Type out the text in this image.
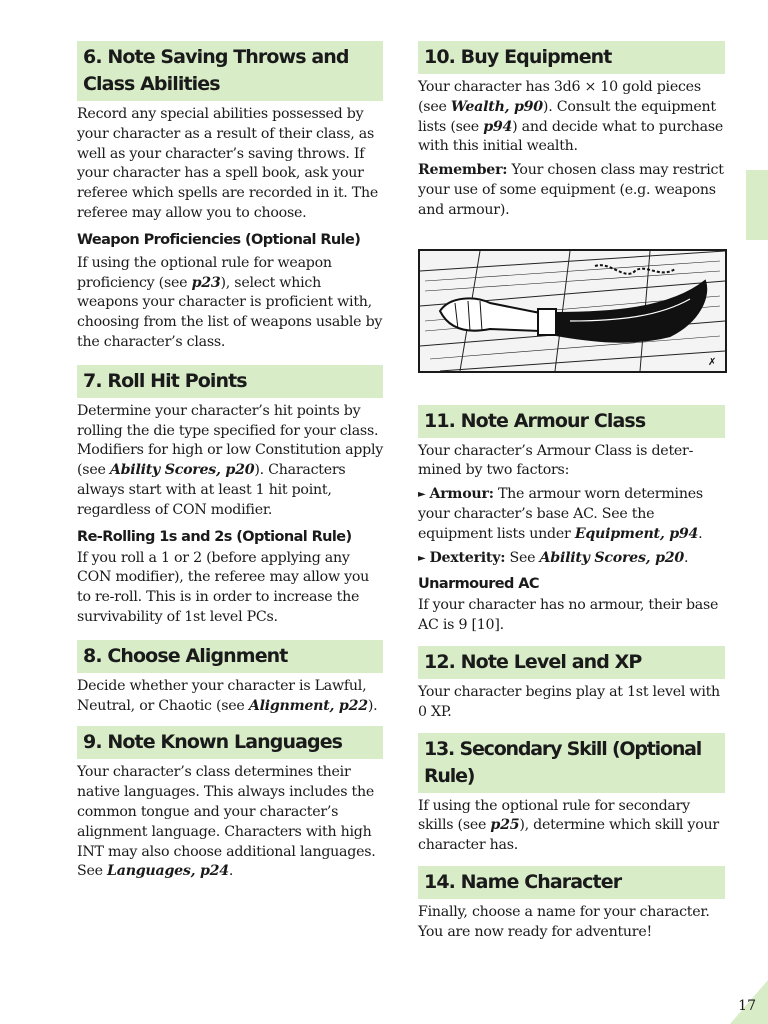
6. Note Saving Throws and
Class Abilities

Record any special abilities possessed by your character as a result of their class, as well as your character’s saving throws. If your character has a spell book, ask your referee which spells are recorded in it. The referee may allow you to choose.

Weapon Proficiencies (Optional Rule)

If using the optional rule for weapon proficiency (see p23), select which weapons your character is proficient with, choosing from the list of weapons usable by the character’s class.

7. Roll Hit Points

Determine your character’s hit points by rolling the die type specified for your class. Modifiers for high or low Constitution apply (see Ability Scores, p20). Characters always start with at least 1 hit point, regardless of CON modifier.

Re-Rolling 1s and 2s (Optional Rule)

If you roll a 1 or 2 (before applying any CON modifier), the referee may allow you to re-roll. This is in order to increase the survivability of 1st level PCs.

8. Choose Alignment

Decide whether your character is Lawful, Neutral, or Chaotic (see Alignment, p22).

9. Note Known Languages

Your character’s class determines their native languages. This always includes the common tongue and your character’s alignment language. Characters with high INT may also choose additional languages. See Languages, p24.

10. Buy Equipment

Your character has 3d6 × 10 gold pieces (see Wealth, p90). Consult the equipment lists (see p94) and decide what to purchase with this initial wealth.

Remember: Your chosen class may restrict your use of some equipment (e.g. weapons and armour).

✗
11. Note Armour Class

Your character’s Armour Class is determined by two factors:

► Armour: The armour worn determines your character’s base AC. See the equipment lists under Equipment, p94.

► Dexterity: See Ability Scores, p20.

Unarmoured AC

If your character has no armour, their base AC is 9 [10].

12. Note Level and XP

Your character begins play at 1st level with 0 XP.

13. Secondary Skill (Optional Rule)

If using the optional rule for secondary skills (see p25), determine which skill your character has.

14. Name Character

Finally, choose a name for your character. You are now ready for adventure!

17
